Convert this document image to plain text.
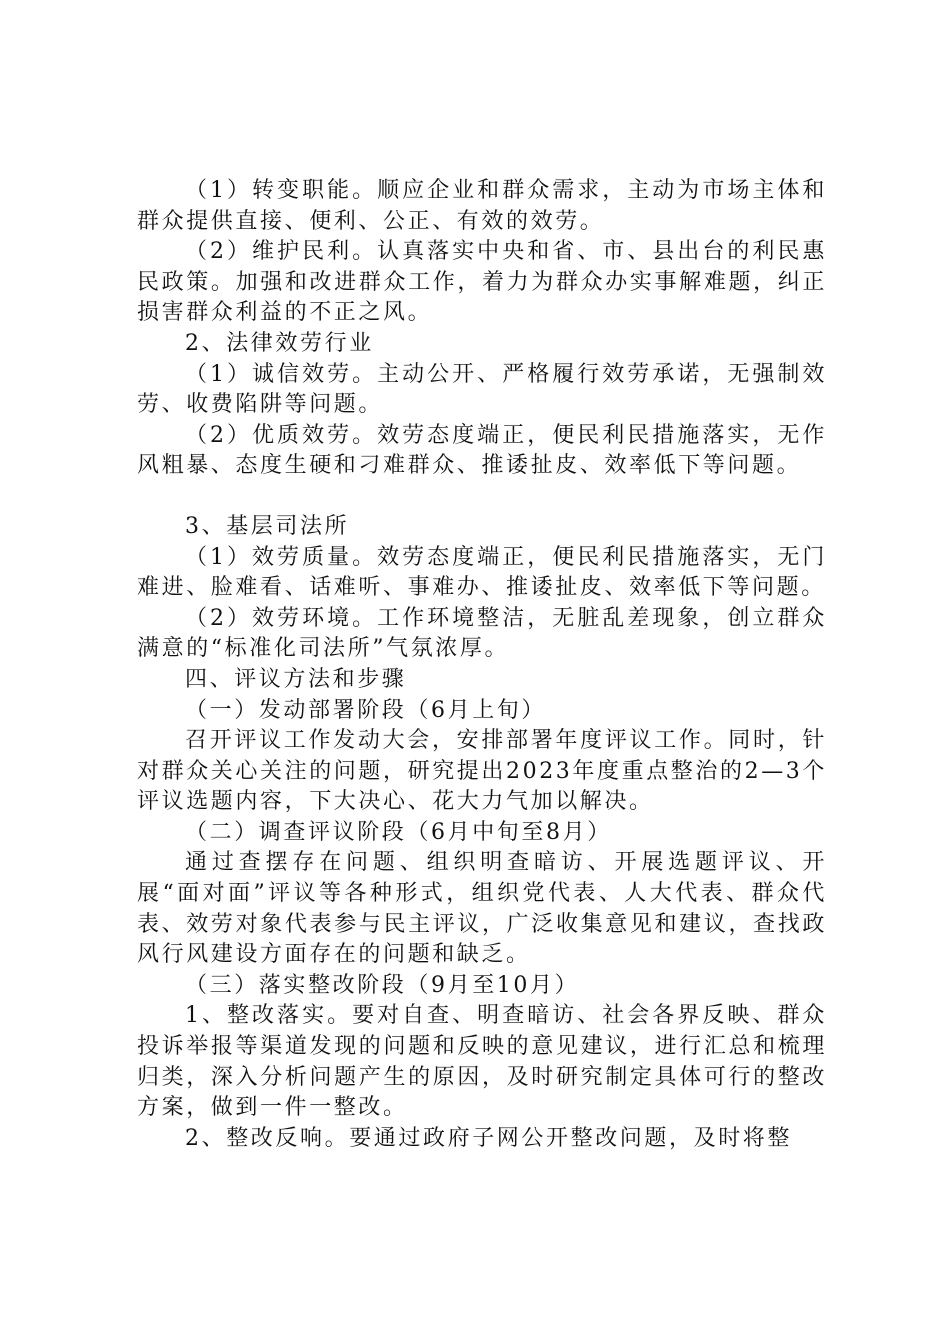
（1）转变职能。顺应企业和群众需求，主动为市场主体和群众提供直接、便利、公正、有效的效劳。

（2）维护民利。认真落实中央和省、市、县出台的利民惠民政策。加强和改进群众工作，着力为群众办实事解难题，纠正损害群众利益的不正之风。

2、法律效劳行业

（1）诚信效劳。主动公开、严格履行效劳承诺，无强制效劳、收费陷阱等问题。

（2）优质效劳。效劳态度端正，便民利民措施落实，无作风粗暴、态度生硬和刁难群众、推诿扯皮、效率低下等问题。

3、基层司法所

（1）效劳质量。效劳态度端正，便民利民措施落实，无门难进、脸难看、话难听、事难办、推诿扯皮、效率低下等问题。

（2）效劳环境。工作环境整洁，无脏乱差现象，创立群众满意的“标准化司法所”气氛浓厚。

四、评议方法和步骤

（一）发动部署阶段（6月上旬）

召开评议工作发动大会，安排部署年度评议工作。同时，针对群众关心关注的问题，研究提出2023年度重点整治的2—3个评议选题内容，下大决心、花大力气加以解决。

（二）调查评议阶段（6月中旬至8月）

通过查摆存在问题、组织明查暗访、开展选题评议、开展“面对面”评议等各种形式，组织党代表、人大代表、群众代表、效劳对象代表参与民主评议，广泛收集意见和建议，查找政风行风建设方面存在的问题和缺乏。

（三）落实整改阶段（9月至10月）

1、整改落实。要对自查、明查暗访、社会各界反映、群众投诉举报等渠道发现的问题和反映的意见建议，进行汇总和梳理归类，深入分析问题产生的原因，及时研究制定具体可行的整改方案，做到一件一整改。

2、整改反响。要通过政府子网公开整改问题，及时将整
